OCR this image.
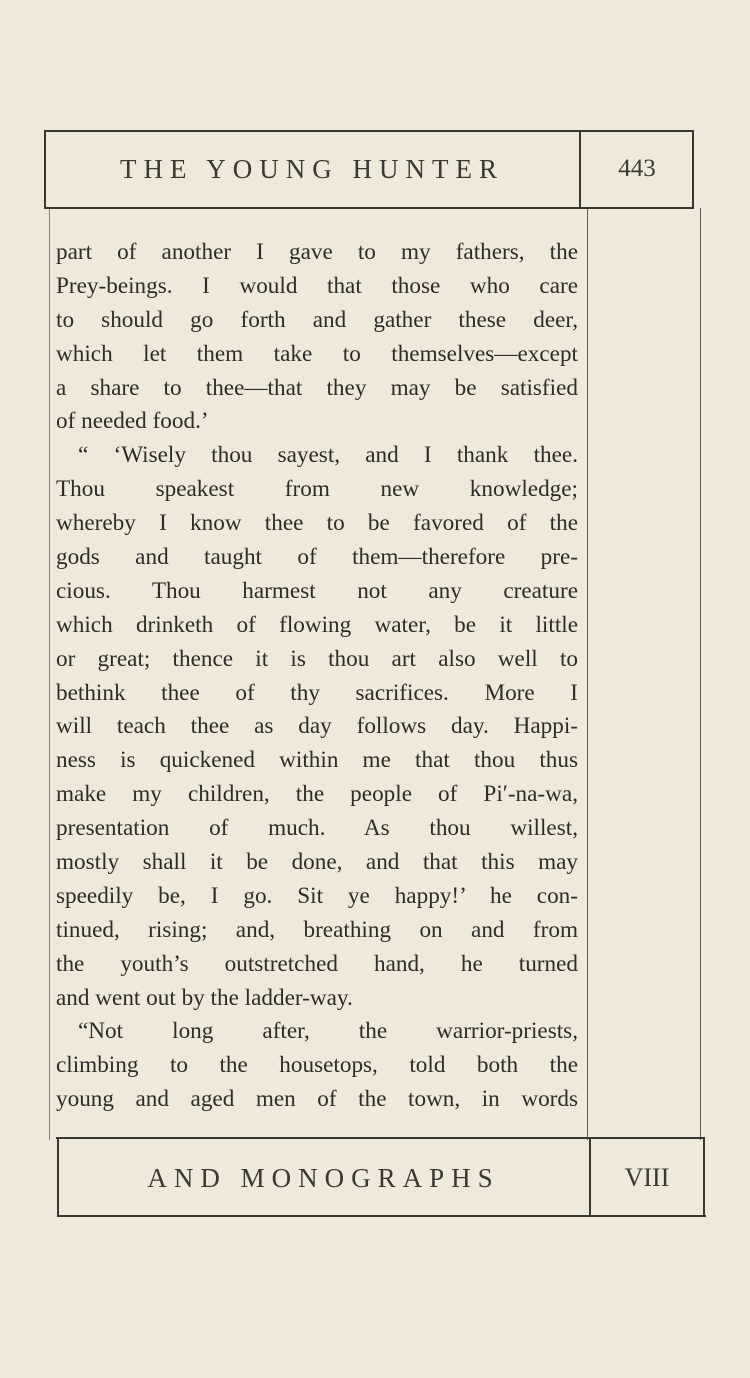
THE YOUNG HUNTER	443
part of another I gave to my fathers, the
Prey-beings. I would that those who care
to should go forth and gather these deer,
which let them take to themselves—except
a share to thee—that they may be satisfied
of needed food.’
“ ‘Wisely thou sayest, and I thank thee.
Thou speakest from new knowledge;
whereby I know thee to be favored of the
gods and taught of them—therefore pre-
cious. Thou harmest not any creature
which drinketh of flowing water, be it little
or great; thence it is thou art also well to
bethink thee of thy sacrifices. More I
will teach thee as day follows day. Happi-
ness is quickened within me that thou thus
make my children, the people of Pi′-na-wa,
presentation of much. As thou willest,
mostly shall it be done, and that this may
speedily be, I go. Sit ye happy!’ he con-
tinued, rising; and, breathing on and from
the youth’s outstretched hand, he turned
and went out by the ladder-way.
“Not long after, the warrior-priests,
climbing to the housetops, told both the
young and aged men of the town, in words
AND MONOGRAPHS	VIII
